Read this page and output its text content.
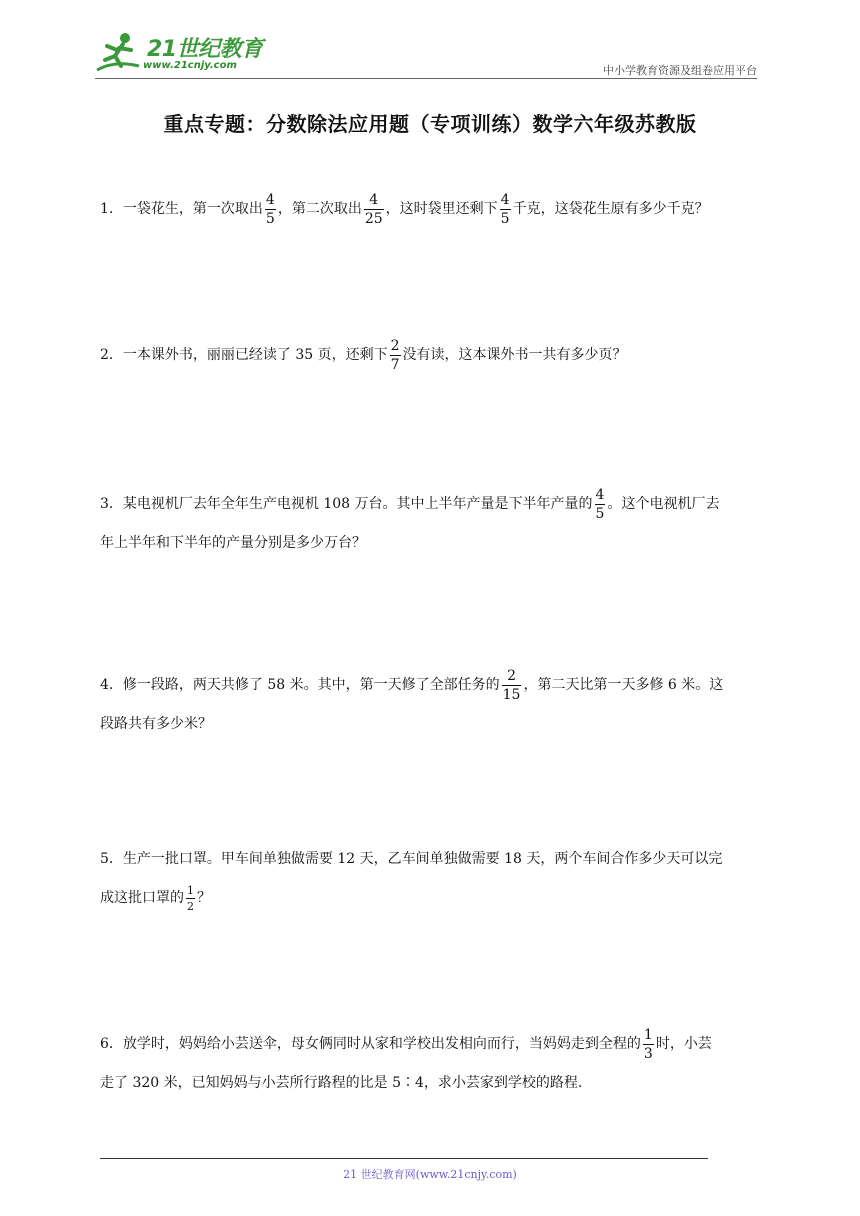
21世纪教育
www.21cnjy.com	中小学教育资源及组卷应用平台
重点专题：分数除法应用题（专项训练）数学六年级苏教版
1．一袋花生，第一次取出 $\frac{4}{5}$ ，第二次取出 $\frac{4}{25}$ ，这时袋里还剩下 $\frac{4}{5}$ 千克，这袋花生原有多少千克？
2．一本课外书，丽丽已经读了 35 页，还剩下 $\frac{2}{7}$ 没有读，这本课外书一共有多少页？
3．某电视机厂去年全年生产电视机 108 万台。其中上半年产量是下半年产量的 $\frac{4}{5}$ 。这个电视机厂去
年上半年和下半年的产量分别是多少万台？
4．修一段路，两天共修了 58 米。其中，第一天修了全部任务的 $\frac{2}{15}$ ，第二天比第一天多修 6 米。这
段路共有多少米？
5．生产一批口罩。甲车间单独做需要 12 天，乙车间单独做需要 18 天，两个车间合作多少天可以完
成这批口罩的 $\frac{1}{2}$ ？
6．放学时，妈妈给小芸送伞，母女俩同时从家和学校出发相向而行，当妈妈走到全程的 $\frac{1}{3}$ 时，小芸
走了 320 米，已知妈妈与小芸所行路程的比是 5∶4，求小芸家到学校的路程.
21 世纪教育网(www.21cnjy.com)
